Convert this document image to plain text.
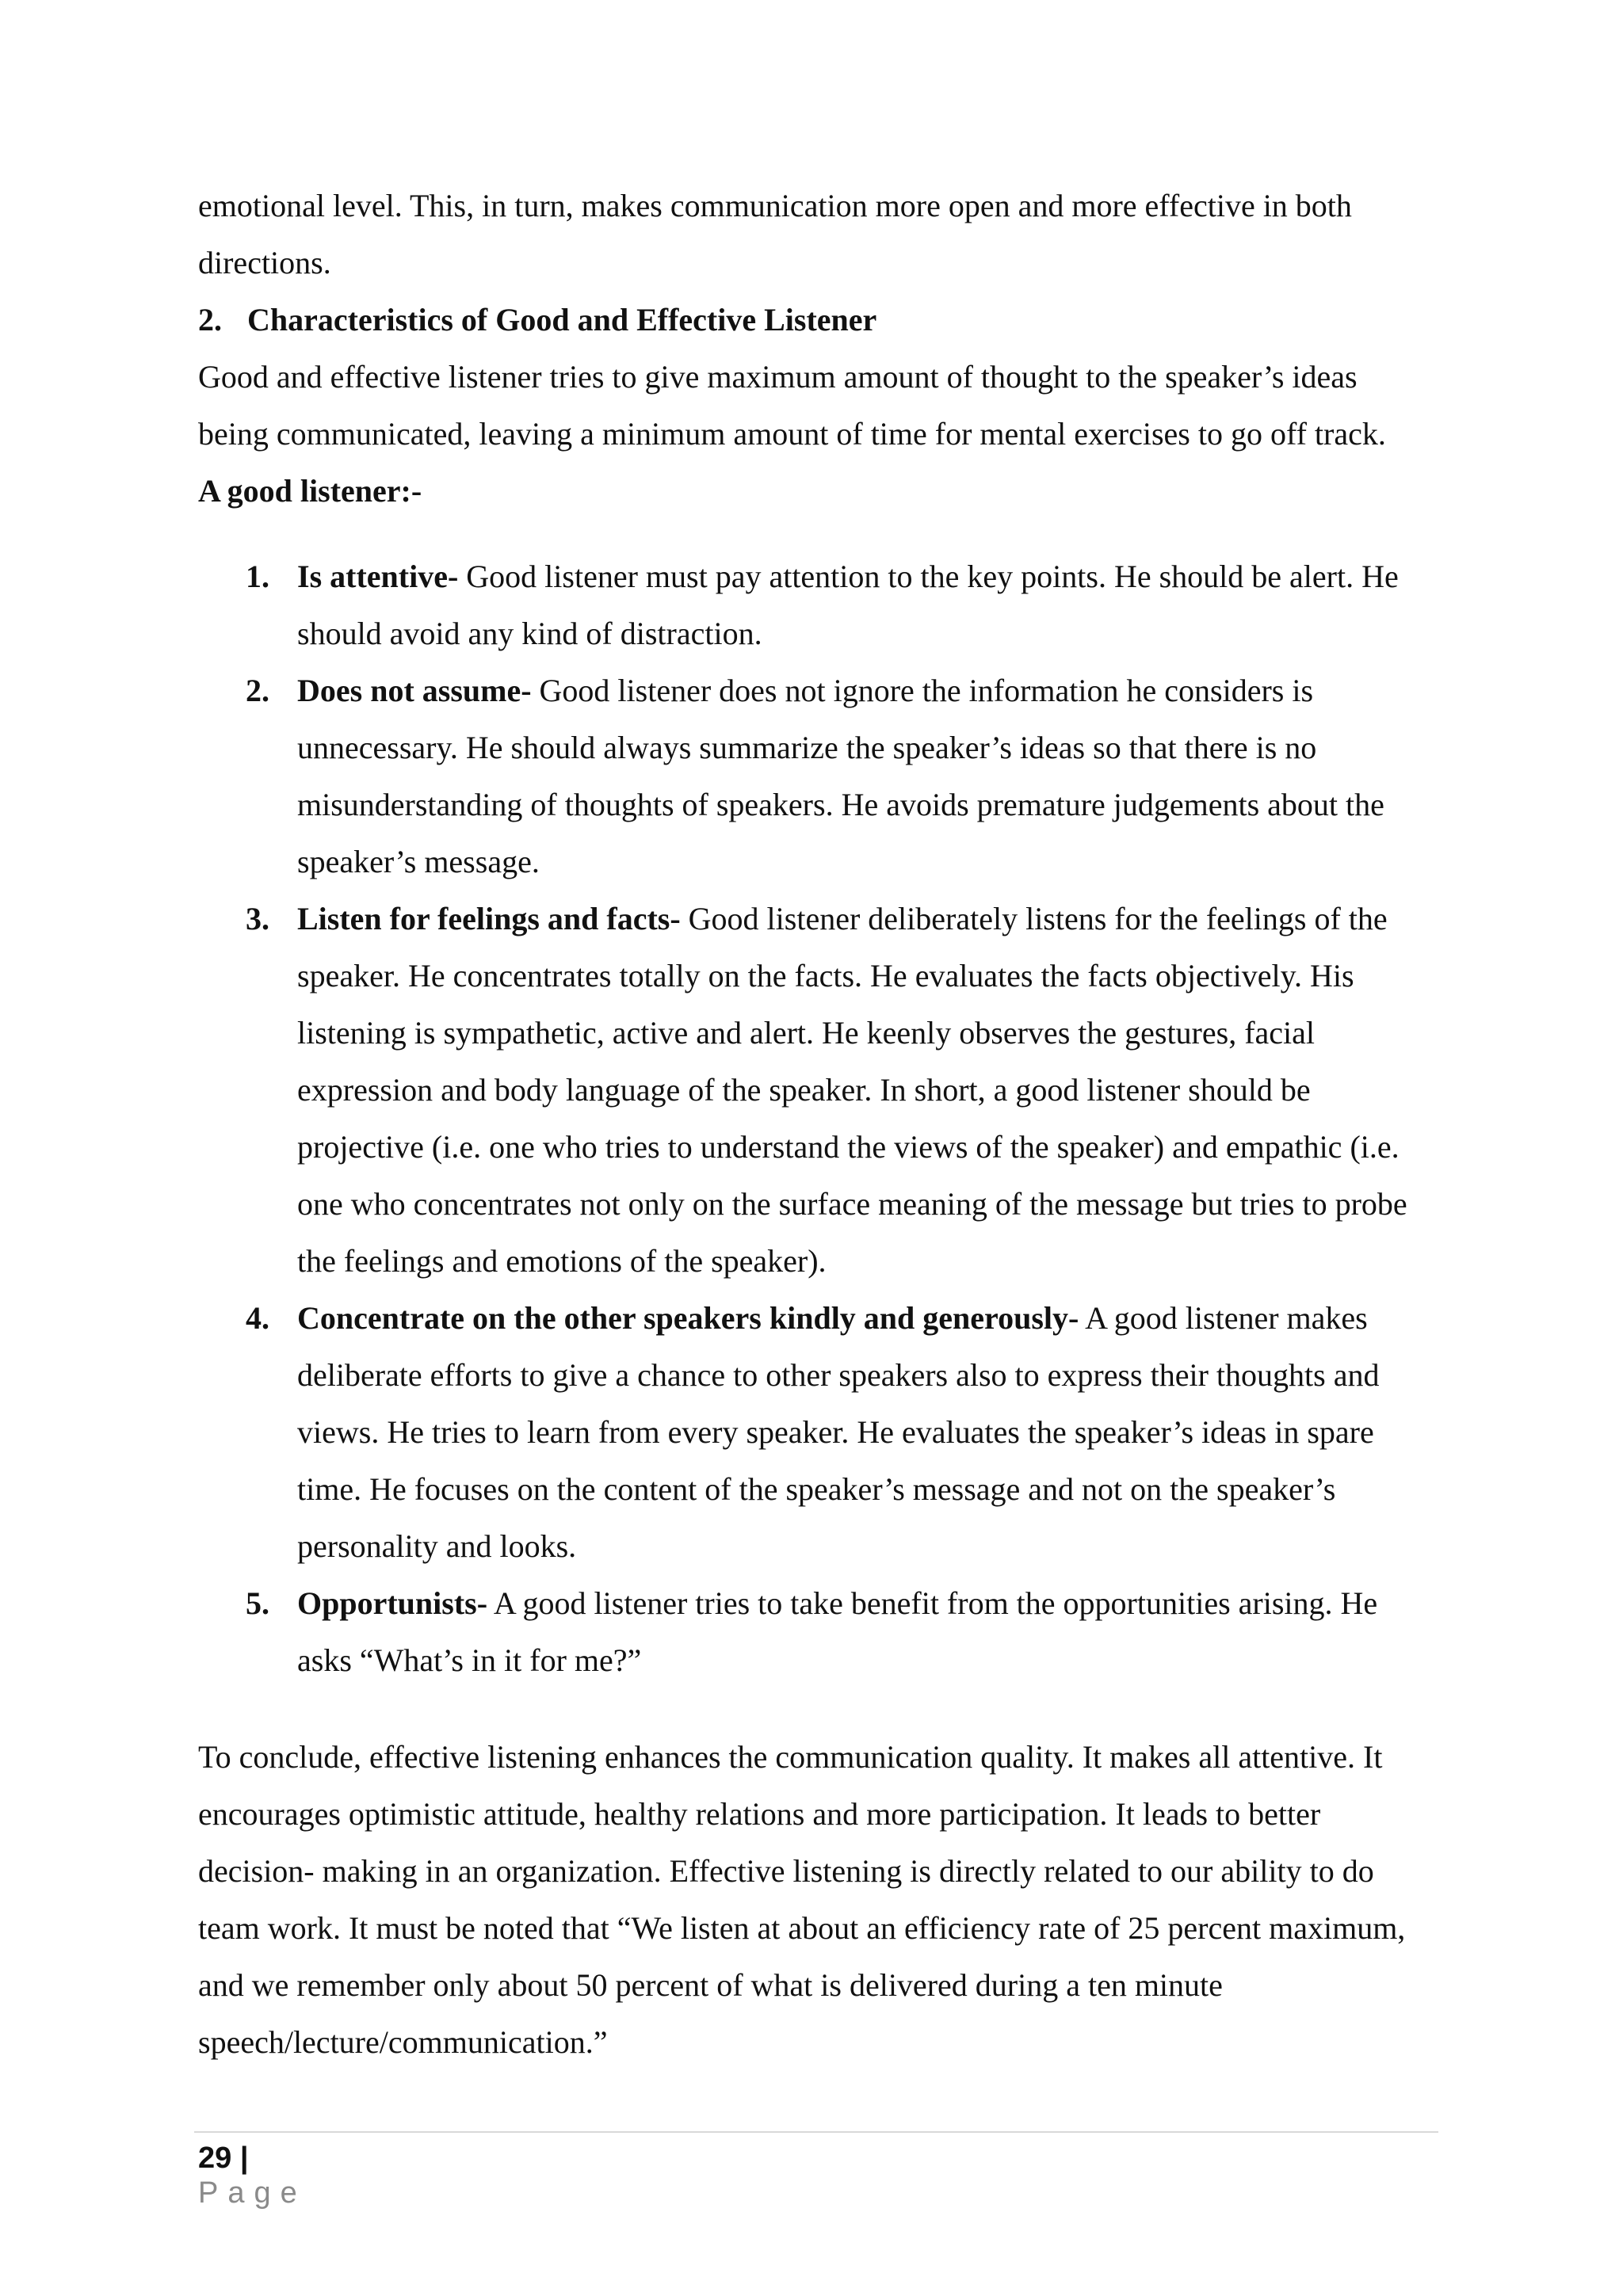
emotional level. This, in turn, makes communication more open and more effective in both directions.

2. Characteristics of Good and Effective Listener

Good and effective listener tries to give maximum amount of thought to the speaker’s ideas being communicated, leaving a minimum amount of time for mental exercises to go off track.

A good listener:-

1. Is attentive- Good listener must pay attention to the key points. He should be alert. He should avoid any kind of distraction.
2. Does not assume- Good listener does not ignore the information he considers is unnecessary. He should always summarize the speaker’s ideas so that there is no misunderstanding of thoughts of speakers. He avoids premature judgements about the speaker’s message.
3. Listen for feelings and facts- Good listener deliberately listens for the feelings of the speaker. He concentrates totally on the facts. He evaluates the facts objectively. His listening is sympathetic, active and alert. He keenly observes the gestures, facial expression and body language of the speaker. In short, a good listener should be projective (i.e. one who tries to understand the views of the speaker) and empathic (i.e. one who concentrates not only on the surface meaning of the message but tries to probe the feelings and emotions of the speaker).
4. Concentrate on the other speakers kindly and generously- A good listener makes deliberate efforts to give a chance to other speakers also to express their thoughts and views. He tries to learn from every speaker. He evaluates the speaker’s ideas in spare time. He focuses on the content of the speaker’s message and not on the speaker’s personality and looks.
5. Opportunists- A good listener tries to take benefit from the opportunities arising. He asks “What’s in it for me?”

To conclude, effective listening enhances the communication quality. It makes all attentive. It encourages optimistic attitude, healthy relations and more participation. It leads to better decision- making in an organization. Effective listening is directly related to our ability to do team work. It must be noted that “We listen at about an efficiency rate of 25 percent maximum, and we remember only about 50 percent of what is delivered during a ten minute speech/lecture/communication.”

29 | Page
